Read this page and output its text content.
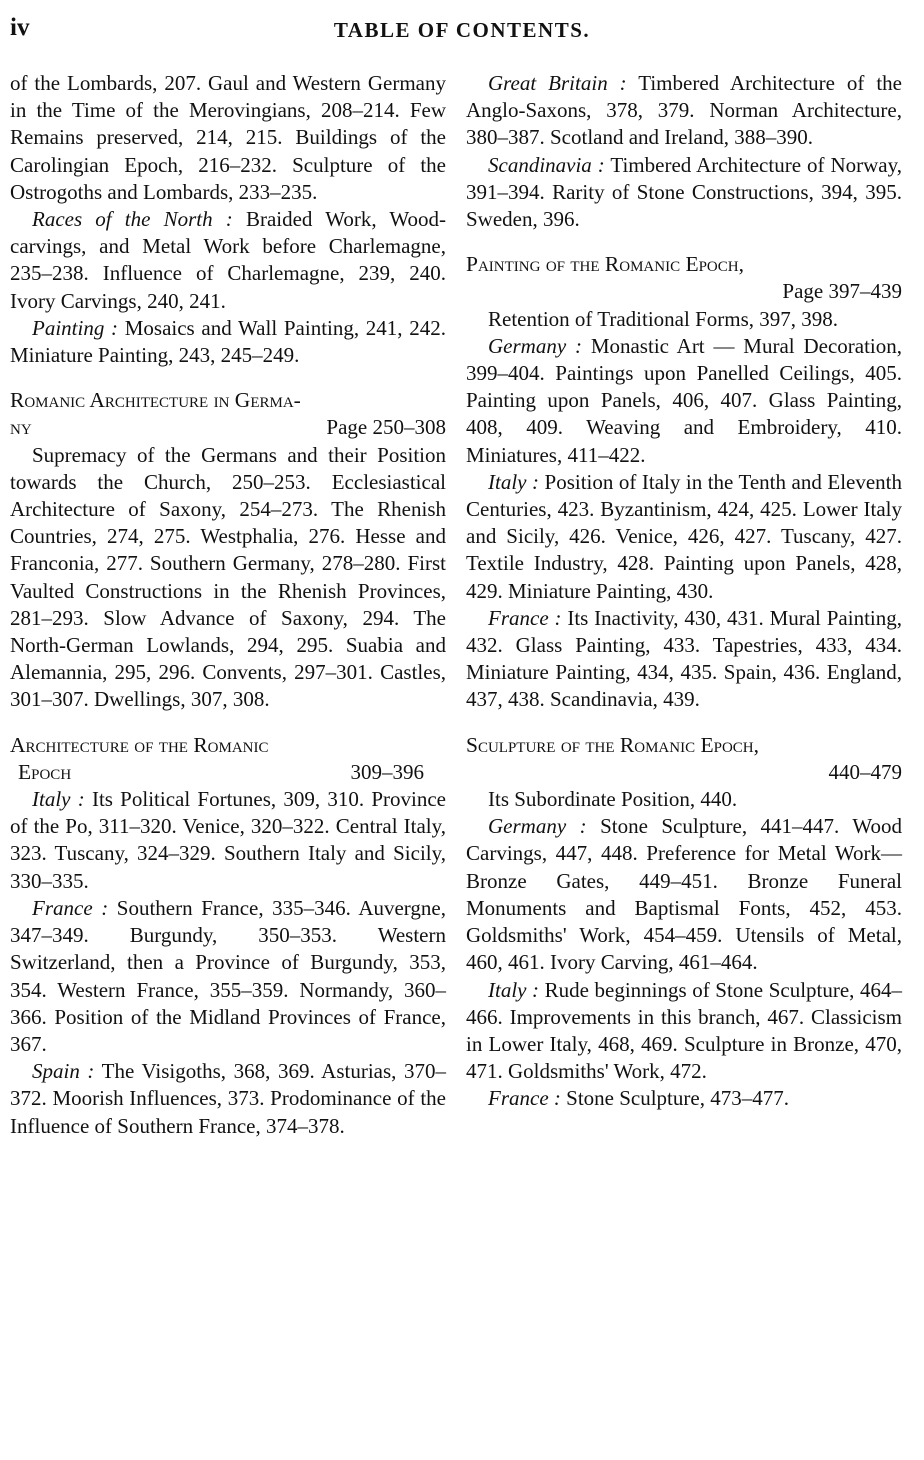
iv	TABLE OF CONTENTS.
of the Lombards, 207. Gaul and Western Germany in the Time of the Merovingians, 208–214. Few Remains preserved, 214, 215. Buildings of the Carolingian Epoch, 216–232. Sculpture of the Ostrogoths and Lombards, 233–235.
Races of the North : Braided Work, Wood-carvings, and Metal Work before Charlemagne, 235–238. Influence of Charlemagne, 239, 240. Ivory Carvings, 240, 241.
Painting : Mosaics and Wall Painting, 241, 242. Miniature Painting, 243, 245–249.
Romanic Architecture in Germa-
ny	Page 250–308
Supremacy of the Germans and their Position towards the Church, 250–253. Ecclesiastical Architecture of Saxony, 254–273. The Rhenish Countries, 274, 275. Westphalia, 276. Hesse and Franconia, 277. Southern Germany, 278–280. First Vaulted Constructions in the Rhenish Provinces, 281–293. Slow Advance of Saxony, 294. The North-German Lowlands, 294, 295. Suabia and Alemannia, 295, 296. Convents, 297–301. Castles, 301–307. Dwellings, 307, 308.
Architecture of the Romanic
Epoch	309–396
Italy : Its Political Fortunes, 309, 310. Province of the Po, 311–320. Venice, 320–322. Central Italy, 323. Tuscany, 324–329. Southern Italy and Sicily, 330–335.
France : Southern France, 335–346. Auvergne, 347–349. Burgundy, 350–353. Western Switzerland, then a Province of Burgundy, 353, 354. Western France, 355–359. Normandy, 360–366. Position of the Midland Provinces of France, 367.
Spain : The Visigoths, 368, 369. Asturias, 370–372. Moorish Influences, 373. Prodominance of the Influence of Southern France, 374–378.
Great Britain : Timbered Architecture of the Anglo-Saxons, 378, 379. Norman Architecture, 380–387. Scotland and Ireland, 388–390.
Scandinavia : Timbered Architecture of Norway, 391–394. Rarity of Stone Constructions, 394, 395. Sweden, 396.
Painting of the Romanic Epoch,
Page 397–439
Retention of Traditional Forms, 397, 398.
Germany : Monastic Art — Mural Decoration, 399–404. Paintings upon Panelled Ceilings, 405. Painting upon Panels, 406, 407. Glass Painting, 408, 409. Weaving and Embroidery, 410. Miniatures, 411–422.
Italy : Position of Italy in the Tenth and Eleventh Centuries, 423. Byzantinism, 424, 425. Lower Italy and Sicily, 426. Venice, 426, 427. Tuscany, 427. Textile Industry, 428. Painting upon Panels, 428, 429. Miniature Painting, 430.
France : Its Inactivity, 430, 431. Mural Painting, 432. Glass Painting, 433. Tapestries, 433, 434. Miniature Painting, 434, 435. Spain, 436. England, 437, 438. Scandinavia, 439.
Sculpture of the Romanic Epoch,
440–479
Its Subordinate Position, 440.
Germany : Stone Sculpture, 441–447. Wood Carvings, 447, 448. Preference for Metal Work—Bronze Gates, 449–451. Bronze Funeral Monuments and Baptismal Fonts, 452, 453. Goldsmiths' Work, 454–459. Utensils of Metal, 460, 461. Ivory Carving, 461–464.
Italy : Rude beginnings of Stone Sculpture, 464–466. Improvements in this branch, 467. Classicism in Lower Italy, 468, 469. Sculpture in Bronze, 470, 471. Goldsmiths' Work, 472.
France : Stone Sculpture, 473–477.
